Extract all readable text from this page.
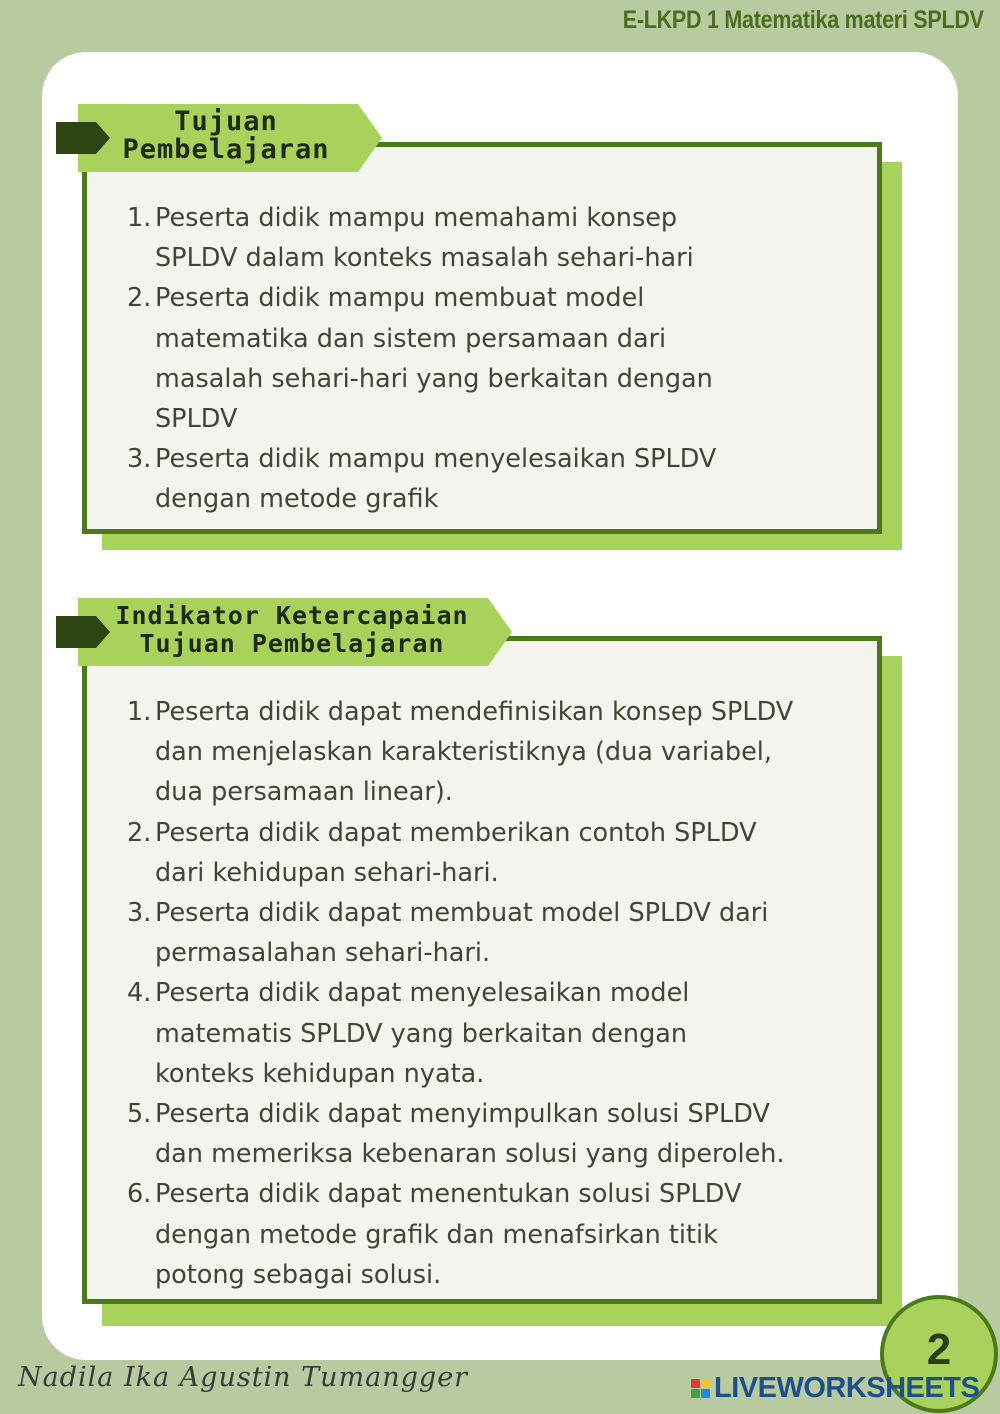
E-LKPD 1 Matematika materi SPLDV
Peserta didik mampu memahami konsep
SPLDV dalam konteks masalah sehari-hari
Peserta didik mampu membuat model
matematika dan sistem persamaan dari
masalah sehari-hari yang berkaitan dengan
SPLDV
Peserta didik mampu menyelesaikan SPLDV
dengan metode grafik
Tujuan
Pembelajaran
Peserta didik dapat mendefinisikan konsep SPLDV
dan menjelaskan karakteristiknya (dua variabel,
dua persamaan linear).
Peserta didik dapat memberikan contoh SPLDV
dari kehidupan sehari-hari.
Peserta didik dapat membuat model SPLDV dari
permasalahan sehari-hari.
Peserta didik dapat menyelesaikan model
matematis SPLDV yang berkaitan dengan
konteks kehidupan nyata.
Peserta didik dapat menyimpulkan solusi SPLDV
dan memeriksa kebenaran solusi yang diperoleh.
Peserta didik dapat menentukan solusi SPLDV
dengan metode grafik dan menafsirkan titik
potong sebagai solusi.
Indikator Ketercapaian
Tujuan Pembelajaran
2
Nadila Ika Agustin Tumangger	LIVEWORKSHEETS
